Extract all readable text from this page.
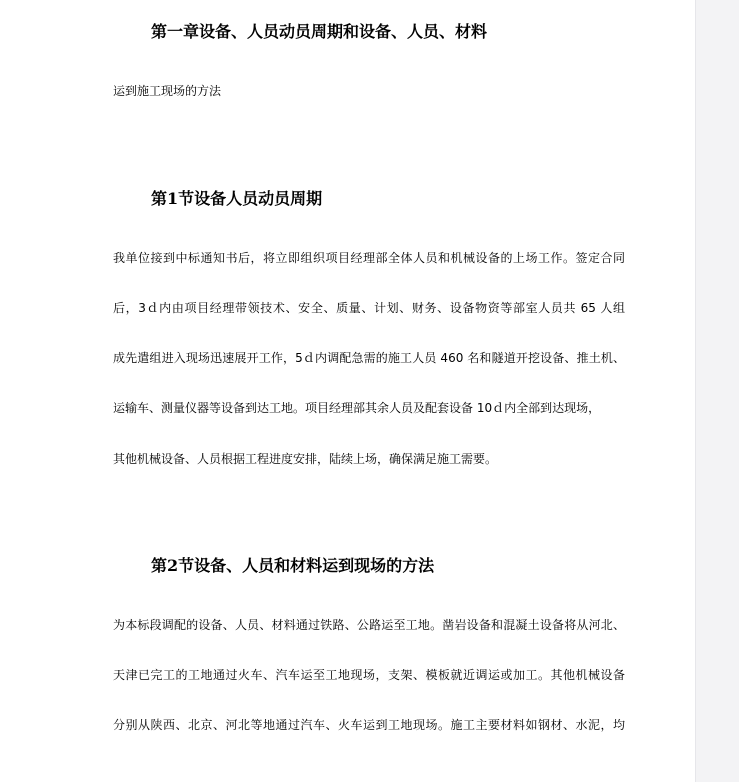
第一章设备、人员动员周期和设备、人员、材料

运到施工现场的方法

第1节设备人员动员周期

我单位接到中标通知书后，将立即组织项目经理部全体人员和机械设备的上场工作。签定合同

后，3ｄ内由项目经理带领技术、安全、质量、计划、财务、设备物资等部室人员共 65 人组

成先遣组进入现场迅速展开工作，5ｄ内调配急需的施工人员 460 名和隧道开挖设备、推土机、

运输车、测量仪器等设备到达工地。项目经理部其余人员及配套设备 10ｄ内全部到达现场，

其他机械设备、人员根据工程进度安排，陆续上场，确保满足施工需要。

第2节设备、人员和材料运到现场的方法

为本标段调配的设备、人员、材料通过铁路、公路运至工地。凿岩设备和混凝土设备将从河北、

天津已完工的工地通过火车、汽车运至工地现场，支架、模板就近调运或加工。其他机械设备

分别从陕西、北京、河北等地通过汽车、火车运到工地现场。施工主要材料如钢材、水泥，均
